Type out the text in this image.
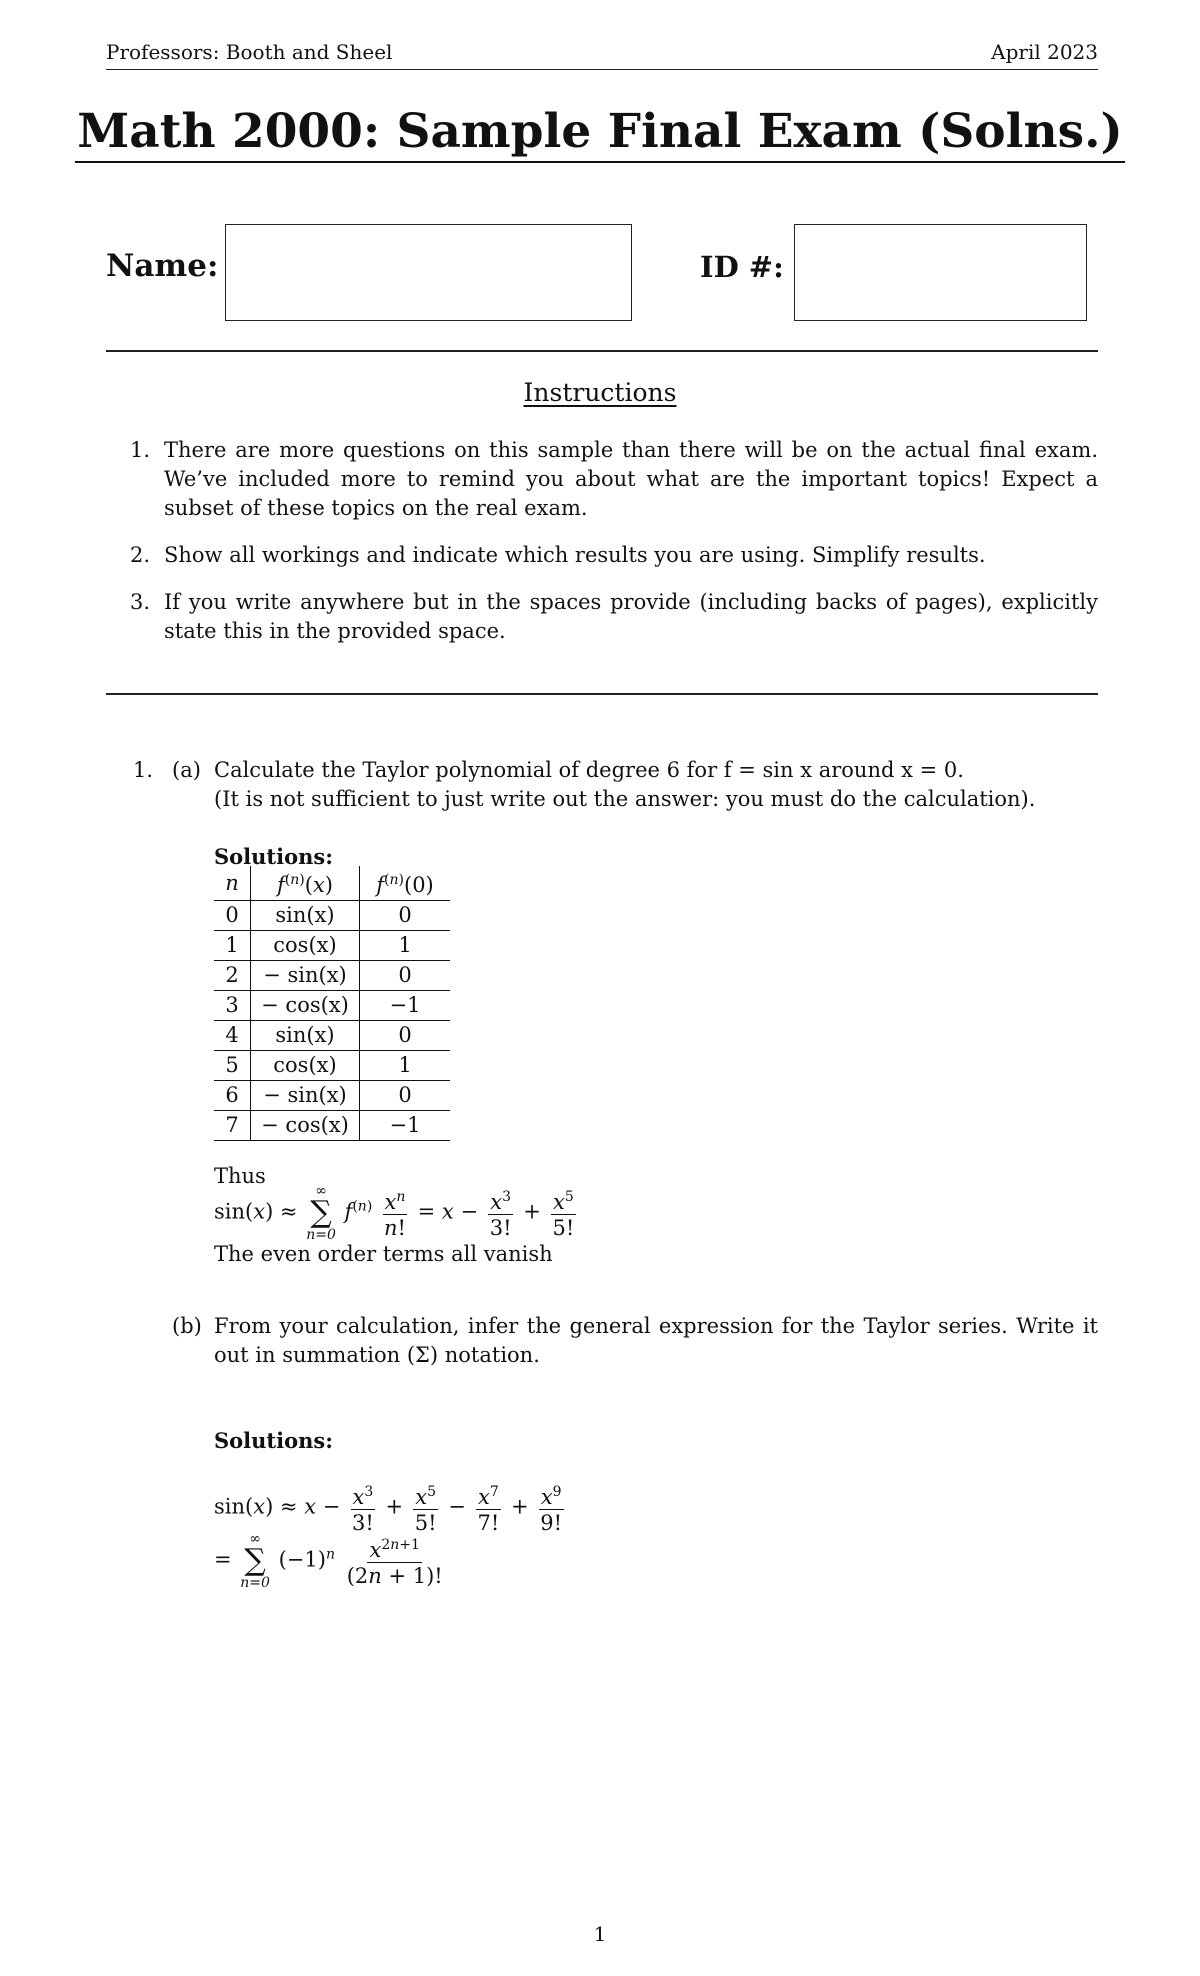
Professors: Booth and Sheel	April 2023
Math 2000: Sample Final Exam (Solns.)
Name:	ID #:
Instructions
1. There are more questions on this sample than there will be on the actual final exam. We’ve included more to remind you about what are the important topics! Expect a subset of these topics on the real exam.
2. Show all workings and indicate which results you are using. Simplify results.
3. If you write anywhere but in the spaces provide (including backs of pages), explicitly state this in the provided space.
1. (a) Calculate the Taylor polynomial of degree 6 for f = sin x around x = 0.
(It is not sufficient to just write out the answer: you must do the calculation).
Solutions:
n	$f^{(n)}(x)$	$f^{(n)}(0)$
0	sin(x)	0
1	cos(x)	1
2	− sin(x)	0
3	− cos(x)	−1
4	sin(x)	0
5	cos(x)	1
6	− sin(x)	0
7	− cos(x)	−1
Thus
sin(x) ≈
∞
∑
n=0
$f^{(n)} \frac{x^n}{n!} = x - \frac{x^3}{3!} + \frac{x^5}{5!}$
The even order terms all vanish
(b) From your calculation, infer the general expression for the Taylor series. Write it out in summation (Σ) notation.
Solutions:
$\sin(x) \approx x - \frac{x^3}{3!} + \frac{x^5}{5!} - \frac{x^7}{7!} + \frac{x^9}{9!}$
=
∞
∑
n=0
$(-1)^n \frac{x^{2n+1}}{(2n + 1)!}$
1
